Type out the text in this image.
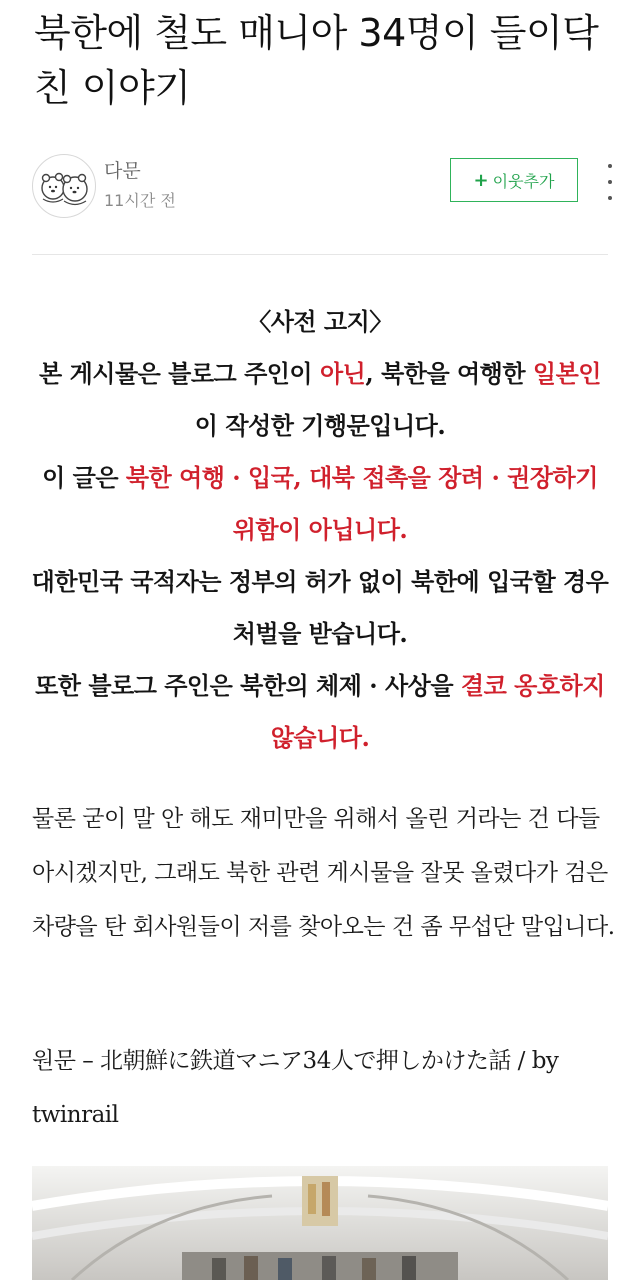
북한에 철도 매니아 34명이 들이닥친 이야기
다문
11시간 전
+ 이웃추가

〈사전 고지〉

본 게시물은 블로그 주인이 아닌, 북한을 여행한 일본인이 작성한 기행문입니다.

이 글은 북한 여행 · 입국, 대북 접촉을 장려 · 권장하기 위함이 아닙니다.

대한민국 국적자는 정부의 허가 없이 북한에 입국할 경우 처벌을 받습니다.

또한 블로그 주인은 북한의 체제 · 사상을 결코 옹호하지 않습니다.

물론 굳이 말 안 해도 재미만을 위해서 올린 거라는 건 다들 아시겠지만, 그래도 북한 관련 게시물을 잘못 올렸다가 검은 차량을 탄 회사원들이 저를 찾아오는 건 좀 무섭단 말입니다.

원문 – 北朝鮮に鉄道マニア34人で押しかけた話 / by twinrail
